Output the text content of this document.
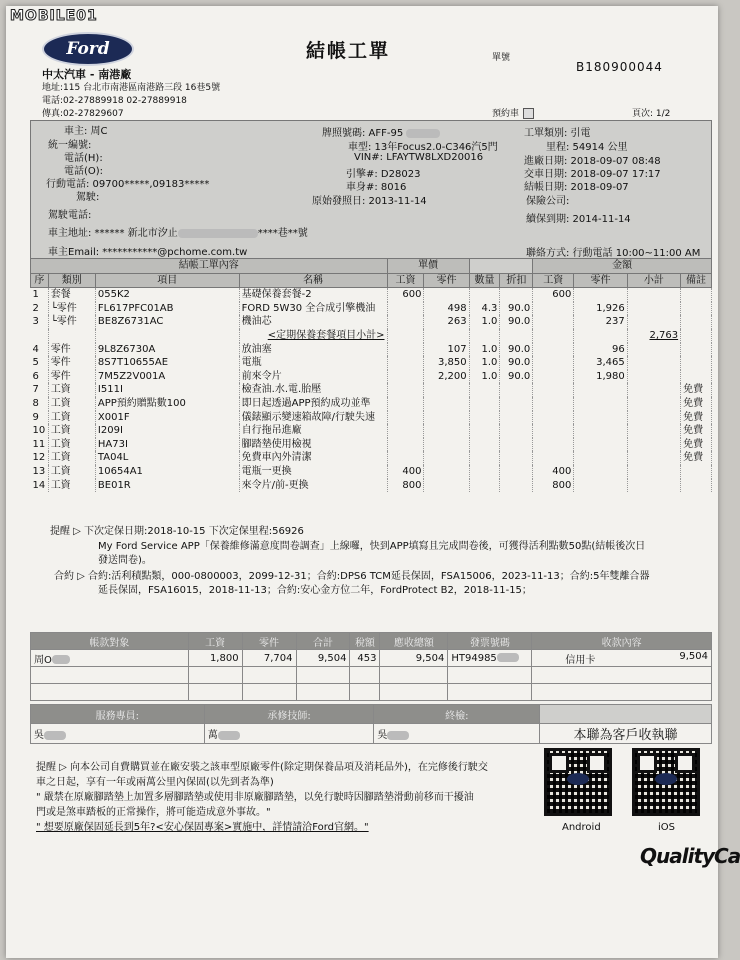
MOBILE01
Ford	結帳工單
中太汽車 - 南港廠
地址:115 台北市南港區南港路三段 16巷5號
電話:02-27889918 02-27889918
傳真:02-27829607
單號
B180900044
預約車	頁次: 1/2
車主: 周C
統一編號:
電話(H):
電話(O):
行動電話: 09700*****,09183*****
駕駛:
駕駛電話:
車主地址: ****** 新北市汐止	****巷**號
車主Email: ***********@pchome.com.tw
牌照號碼: AFF-95
車型: 13年Focus2.0-C346汽5門
VIN#: LFAYTW8LXD20016
引擎#: D28023
車身#: 8016
原始發照日: 2013-11-14
工單類別: 引電
里程: 54914 公里
進廠日期: 2018-09-07 08:48
交車日期: 2018-09-07 17:17
結帳日期: 2018-09-07
保險公司:
續保到期: 2014-11-14
聯絡方式: 行動電話 10:00~11:00 AM
結帳工單內容				單價				金額			
序	類別	項目	名稱	工資	零件	數量	折扣	工資	零件	小計	備註
1	套餐	055K2	基礎保養套餐-2	600				600			
2	└零件	FL617PFC01AB	FORD 5W30 全合成引擎機油		498	4.3	90.0		1,926		
3	└零件	BE8Z6731AC	機油芯		263	1.0	90.0		237		
			<定期保養套餐項目小計>							2,763	
4	零件	9L8Z6730A	放油塞		107	1.0	90.0		96		
5	零件	8S7T10655AE	電瓶		3,850	1.0	90.0		3,465		
6	零件	7M5Z2V001A	前來令片		2,200	1.0	90.0		1,980		
7	工資	I511I	檢查油.水.電.胎壓								免費
8	工資	APP預約贈點數100	即日起透過APP預約成功並準								免費
9	工資	X001F	儀錶顯示變速箱故障/行駛失速								免費
10	工資	I209I	自行拖吊進廠								免費
11	工資	HA73I	腳踏墊使用檢視								免費
12	工資	TA04L	免費車內外清潔								免費
13	工資	10654A1	電瓶一更換	400				400			
14	工資	BE01R	來令片/前-更換	800				800			
提醒 ▷ 下次定保日期:2018-10-15 下次定保里程:56926
My Ford Service APP「保養維修滿意度問卷調查」上線囉，快到APP填寫且完成問卷後，可獲得活利點數50點(結帳後次日
發送問卷)。
合約 ▷ 合約:活利積點類，000-0800003，2099-12-31；合約:DPS6 TCM延長保固，FSA15006，2023-11-13；合約:5年雙離合器
延長保固，FSA16015，2018-11-13；合約:安心金方位二年，FordProtect B2，2018-11-15；
帳款對象	工資	零件	合計	稅額	應收總額	發票號碼	收款內容
周O	1,800	7,704	9,504	453	9,504	HT94985	信用卡 9,504

服務專員:	承修技師:	終檢:	
吳	萬	吳	本聯為客戶收執聯
提醒 ▷ 向本公司自費購買並在廠安裝之該車型原廠零件(除定期保養品項及消耗品外)，在完修後行駛交
車之日起，享有一年或兩萬公里內保固(以先到者為準)
" 嚴禁在原廠腳踏墊上加置多層腳踏墊或使用非原廠腳踏墊，以免行駛時因腳踏墊滑動前移而干擾油
門或是煞車踏板的正常操作，將可能造成意外事故。"
" 想要原廠保固延長到5年?<安心保固專案>實施中，詳情請洽Ford官網。"	Android	iOS
QualityCa
